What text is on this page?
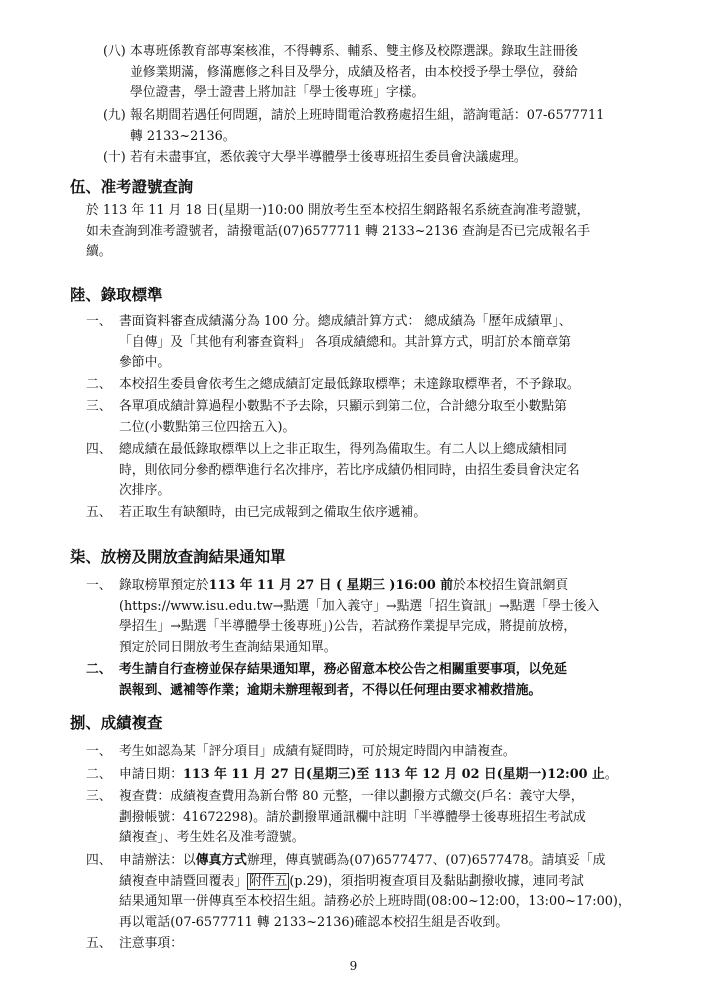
(八) 本專班係教育部專案核准，不得轉系、輔系、雙主修及校際選課。錄取生註冊後
並修業期滿，修滿應修之科目及學分，成績及格者，由本校授予學士學位，發給
學位證書，學士證書上將加註「學士後專班」字樣。
(九) 報名期間若遇任何問題，請於上班時間電洽教務處招生組，諮詢電話：07-6577711
轉 2133~2136。
(十) 若有未盡事宜，悉依義守大學半導體學士後專班招生委員會決議處理。
伍、准考證號查詢
於 113 年 11 月 18 日(星期一)10:00 開放考生至本校招生網路報名系統查詢准考證號，
如未查詢到准考證號者，請撥電話(07)6577711 轉 2133~2136 查詢是否已完成報名手
續。
陸、錄取標準
一、 書面資料審查成績滿分為 100 分。總成績計算方式： 總成績為「歷年成績單」、
「自傳」及「其他有利審查資料」 各項成績總和。其計算方式，明訂於本簡章第
參節中。
二、 本校招生委員會依考生之總成績訂定最低錄取標準；未達錄取標準者，不予錄取。
三、 各單項成績計算過程小數點不予去除，只顯示到第二位，合計總分取至小數點第
二位(小數點第三位四捨五入)。
四、 總成績在最低錄取標準以上之非正取生，得列為備取生。有二人以上總成績相同
時，則依同分參酌標準進行名次排序，若比序成績仍相同時，由招生委員會決定名
次排序。
五、 若正取生有缺額時，由已完成報到之備取生依序遞補。
柒、放榜及開放查詢結果通知單
一、 錄取榜單預定於113 年 11 月 27 日 ( 星期三 )16:00 前於本校招生資訊網頁
(https://www.isu.edu.tw→點選「加入義守」→點選「招生資訊」→點選「學士後入
學招生」→點選「半導體學士後專班」)公告，若試務作業提早完成，將提前放榜，
預定於同日開放考生查詢結果通知單。
二、 考生請自行查榜並保存結果通知單，務必留意本校公告之相關重要事項，以免延
誤報到、遞補等作業；逾期未辦理報到者，不得以任何理由要求補救措施。
捌、成績複查
一、 考生如認為某「評分項目」成績有疑問時，可於規定時間內申請複查。
二、 申請日期：113 年 11 月 27 日(星期三)至 113 年 12 月 02 日(星期一)12:00 止。
三、 複查費：成績複查費用為新台幣 80 元整，一律以劃撥方式繳交(戶名：義守大學，
劃撥帳號：41672298)。請於劃撥單通訊欄中註明「半導體學士後專班招生考試成
績複查」、考生姓名及准考證號。
四、 申請辦法：以傳真方式辦理，傳真號碼為(07)6577477、(07)6577478。請填妥「成
績複查申請暨回覆表」 附件五 (p.29)，須指明複查項目及黏貼劃撥收據，連同考試
結果通知單一併傳真至本校招生組。請務必於上班時間(08:00~12:00，13:00~17:00)，
再以電話(07-6577711 轉 2133~2136)確認本校招生組是否收到。
五、 注意事項：
9
